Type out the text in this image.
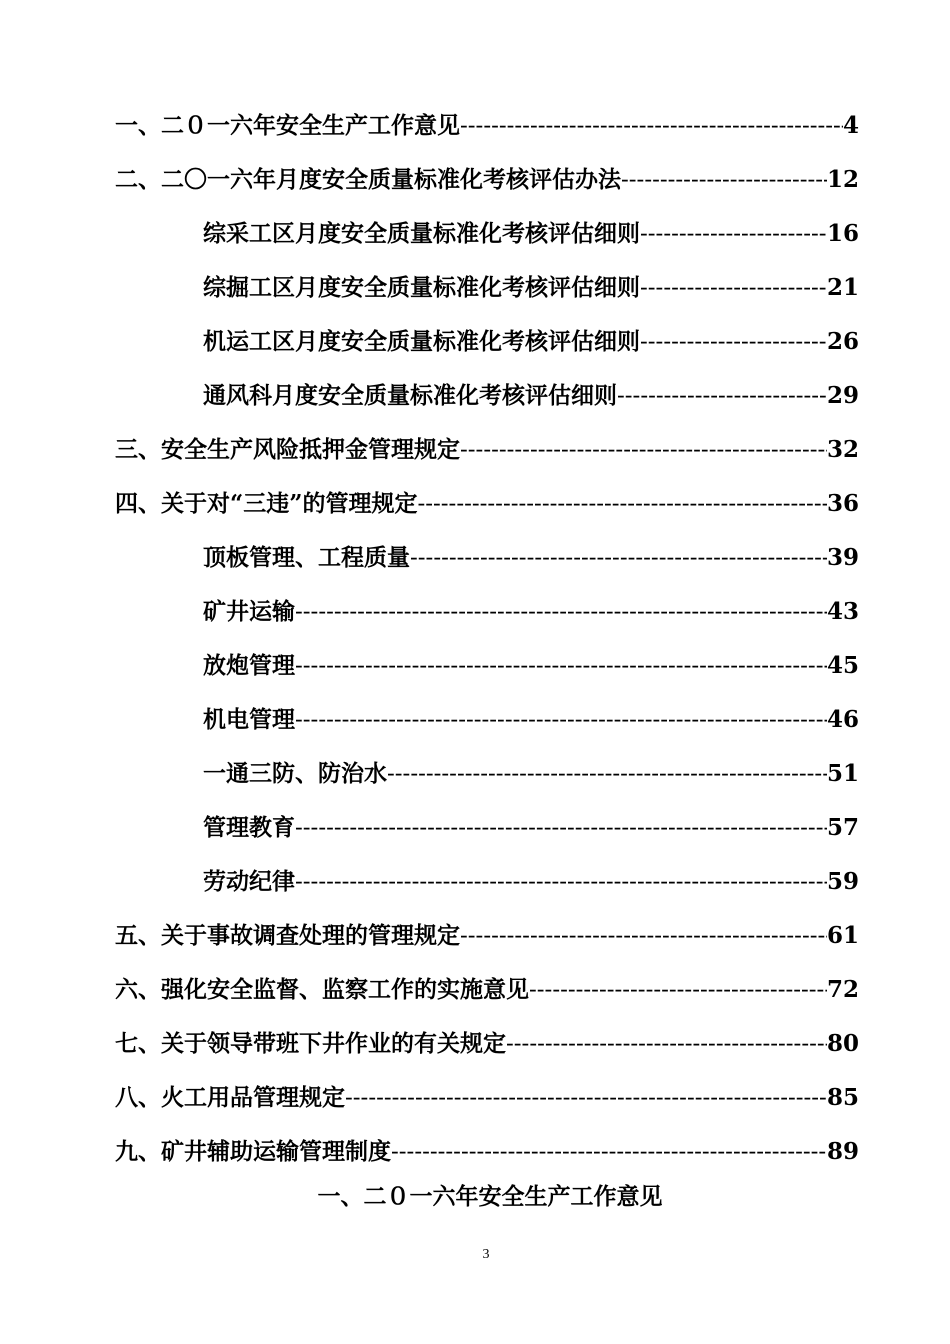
一、二０一六年安全生产工作意见 -----	4
二、二〇一六年月度安全质量标准化考核评估办法 -----	12
综采工区月度安全质量标准化考核评估细则 -----	16
综掘工区月度安全质量标准化考核评估细则 -----	21
机运工区月度安全质量标准化考核评估细则 -----	26
通风科月度安全质量标准化考核评估细则 -----	29
三、安全生产风险抵押金管理规定 -----	32
四、关于对“三违”的管理规定 -----	36
顶板管理、工程质量 -----	39
矿井运输 -----	43
放炮管理 -----	45
机电管理 -----	46
一通三防、防治水 -----	51
管理教育 -----	57
劳动纪律 -----	59
五、关于事故调查处理的管理规定 -----	61
六、强化安全监督、监察工作的实施意见 -----	72
七、关于领导带班下井作业的有关规定 -----	80
八、火工用品管理规定 -----	85
九、矿井辅助运输管理制度 -----	89
一、二０一六年安全生产工作意见
3
